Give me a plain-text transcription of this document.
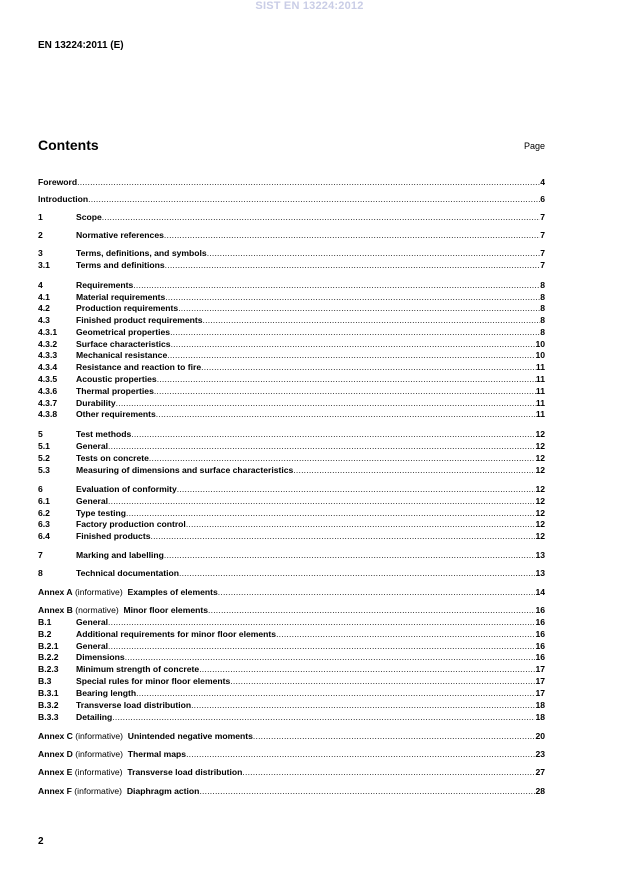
SIST EN 13224:2012
EN 13224:2011 (E)
Contents	Page
Foreword .....	4
Introduction .....	6
1	Scope .....	7
2	Normative references .....	7
3	Terms, definitions, and symbols .....	7
3.1	Terms and definitions .....	7
4	Requirements .....	8
4.1	Material requirements .....	8
4.2	Production requirements .....	8
4.3	Finished product requirements .....	8
4.3.1	Geometrical properties .....	8
4.3.2	Surface characteristics .....	10
4.3.3	Mechanical resistance .....	10
4.3.4	Resistance and reaction to fire .....	11
4.3.5	Acoustic properties .....	11
4.3.6	Thermal properties .....	11
4.3.7	Durability .....	11
4.3.8	Other requirements .....	11
5	Test methods .....	12
5.1	General .....	12
5.2	Tests on concrete .....	12
5.3	Measuring of dimensions and surface characteristics .....	12
6	Evaluation of conformity .....	12
6.1	General .....	12
6.2	Type testing .....	12
6.3	Factory production control .....	12
6.4	Finished products .....	12
7	Marking and labelling .....	13
8	Technical documentation .....	13
Annex A (informative) Examples of elements .....	14
Annex B (normative) Minor floor elements .....	16
B.1	General .....	16
B.2	Additional requirements for minor floor elements .....	16
B.2.1	General .....	16
B.2.2	Dimensions .....	16
B.2.3	Minimum strength of concrete .....	17
B.3	Special rules for minor floor elements .....	17
B.3.1	Bearing length .....	17
B.3.2	Transverse load distribution .....	18
B.3.3	Detailing .....	18
Annex C (informative) Unintended negative moments .....	20
Annex D (informative) Thermal maps .....	23
Annex E (informative) Transverse load distribution .....	27
Annex F (informative) Diaphragm action .....	28
2
